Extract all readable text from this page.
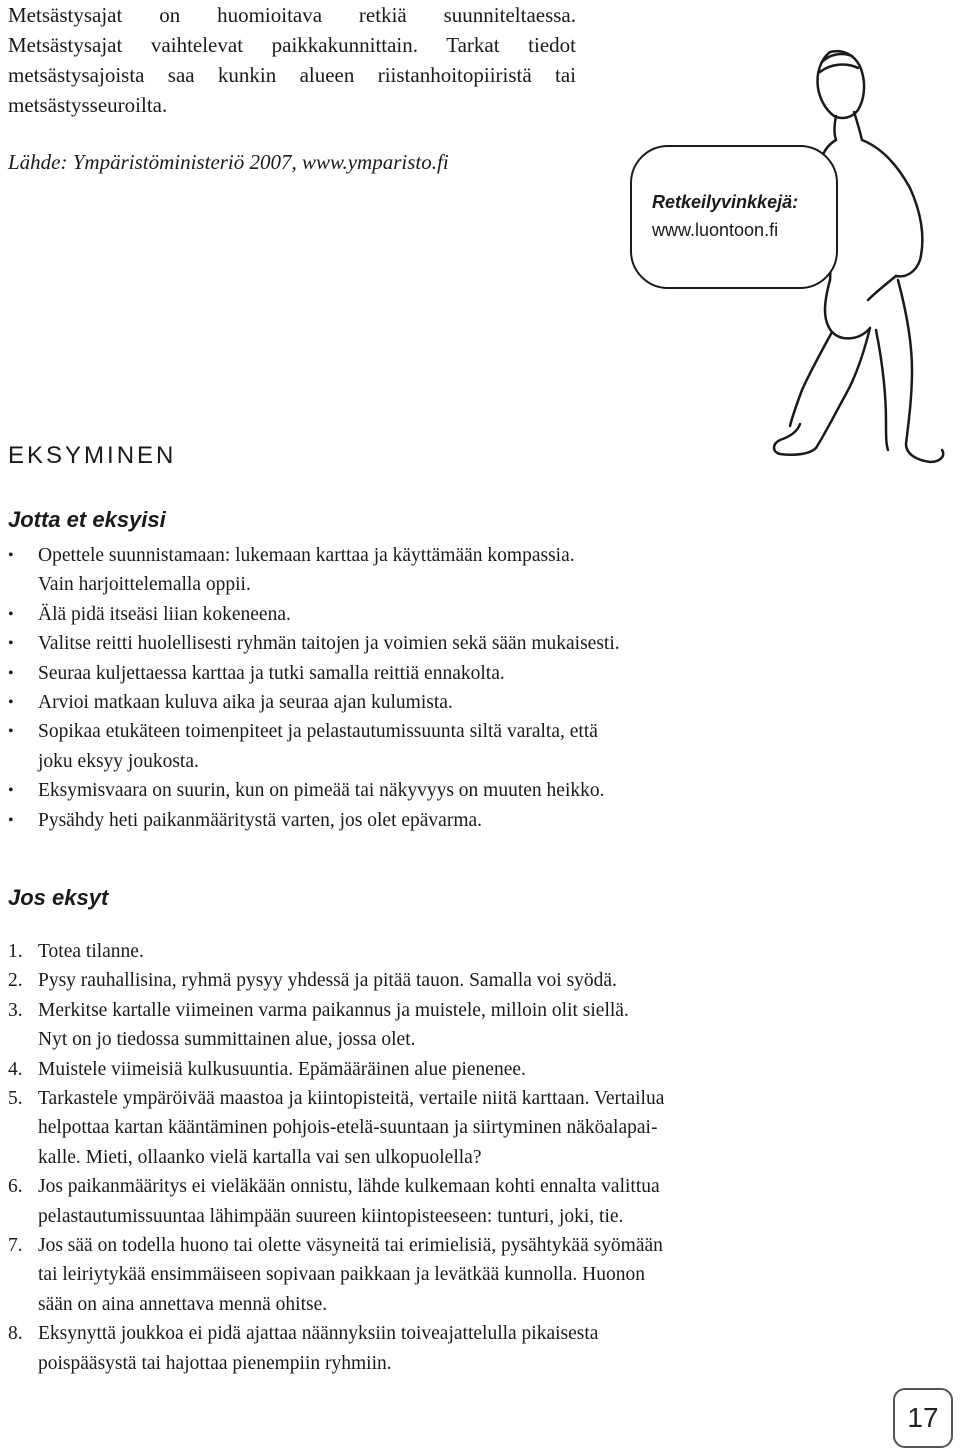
Metsästysajat on huomioitava retkiä suunniteltaessa.

Metsästysajat vaihtelevat paikkakunnittain. Tarkat tiedot

metsästysajoista saa kunkin alueen riistanhoitopiiristä tai

metsästysseuroilta.

Lähde: Ympäristöministeriö 2007, www.ymparisto.fi
Retkeilyvinkkejä:
www.luontoon.fi
EKSYMINEN
Jotta et eksyisi
• Opettele suunnistamaan: lukemaan karttaa ja käyttämään kompassia.
Vain harjoittelemalla oppii.
• Älä pidä itseäsi liian kokeneena.
• Valitse reitti huolellisesti ryhmän taitojen ja voimien sekä sään mukaisesti.
• Seuraa kuljettaessa karttaa ja tutki samalla reittiä ennakolta.
• Arvioi matkaan kuluva aika ja seuraa ajan kulumista.
• Sopikaa etukäteen toimenpiteet ja pelastautumissuunta siltä varalta, että
joku eksyy joukosta.
• Eksymisvaara on suurin, kun on pimeää tai näkyvyys on muuten heikko.
• Pysähdy heti paikanmääritystä varten, jos olet epävarma.
Jos eksyt
1. Totea tilanne.
2. Pysy rauhallisina, ryhmä pysyy yhdessä ja pitää tauon. Samalla voi syödä.
3. Merkitse kartalle viimeinen varma paikannus ja muistele, milloin olit siellä.
Nyt on jo tiedossa summittainen alue, jossa olet.
4. Muistele viimeisiä kulkusuuntia. Epämääräinen alue pienenee.
5. Tarkastele ympäröivää maastoa ja kiintopisteitä, vertaile niitä karttaan. Vertailua
helpottaa kartan kääntäminen pohjois-etelä-suuntaan ja siirtyminen näköalapai-
kalle. Mieti, ollaanko vielä kartalla vai sen ulkopuolella?
6. Jos paikanmääritys ei vieläkään onnistu, lähde kulkemaan kohti ennalta valittua
pelastautumissuuntaa lähimpään suureen kiintopisteeseen: tunturi, joki, tie.
7. Jos sää on todella huono tai olette väsyneitä tai erimielisiä, pysähtykää syömään
tai leiriytykää ensimmäiseen sopivaan paikkaan ja levätkää kunnolla. Huonon
sään on aina annettava mennä ohitse.
8. Eksynyttä joukkoa ei pidä ajattaa näännyksiin toiveajattelulla pikaisesta
poispääsystä tai hajottaa pienempiin ryhmiin.
17
